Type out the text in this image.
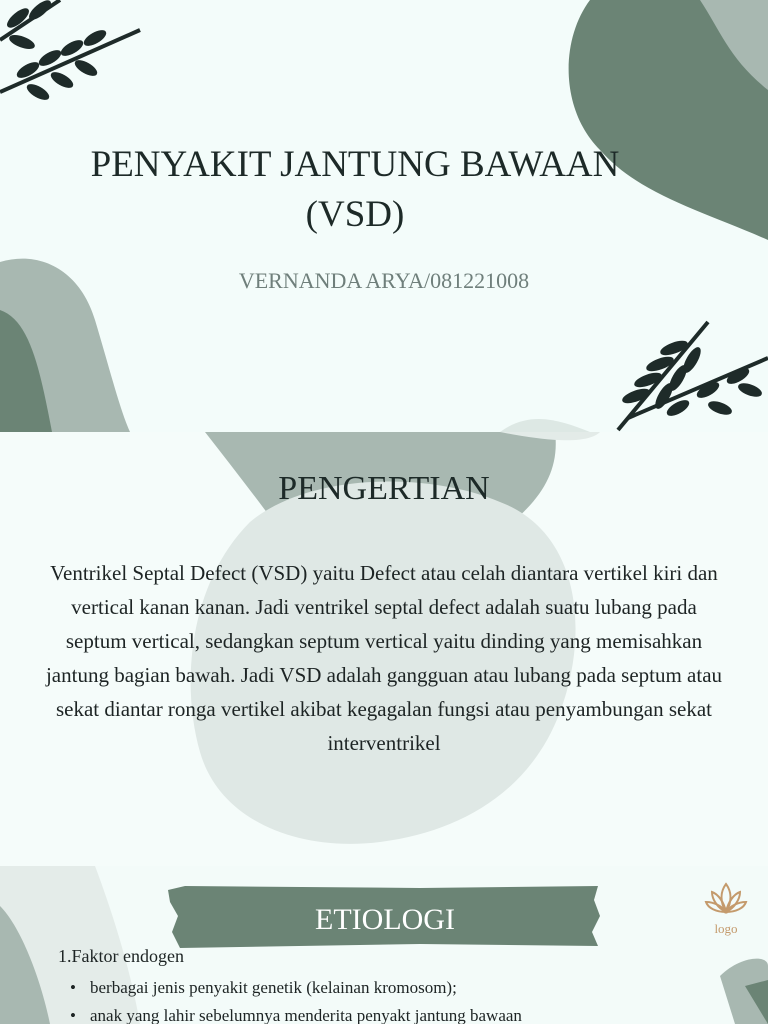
PENYAKIT JANTUNG BAWAAN (VSD)

VERNANDA ARYA/081221008

PENGERTIAN

Ventrikel Septal Defect (VSD) yaitu Defect atau celah diantara vertikel kiri dan vertical kanan kanan. Jadi ventrikel septal defect adalah suatu lubang pada septum vertical, sedangkan septum vertical yaitu dinding yang memisahkan jantung bagian bawah. Jadi VSD adalah gangguan atau lubang pada septum atau sekat diantar ronga vertikel akibat kegagalan fungsi atau penyambungan sekat interventrikel

ETIOLOGI	logo

1.Faktor endogen

• berbagai jenis penyakit genetik (kelainan kromosom);
• anak yang lahir sebelumnya menderita penyakt jantung bawaan
